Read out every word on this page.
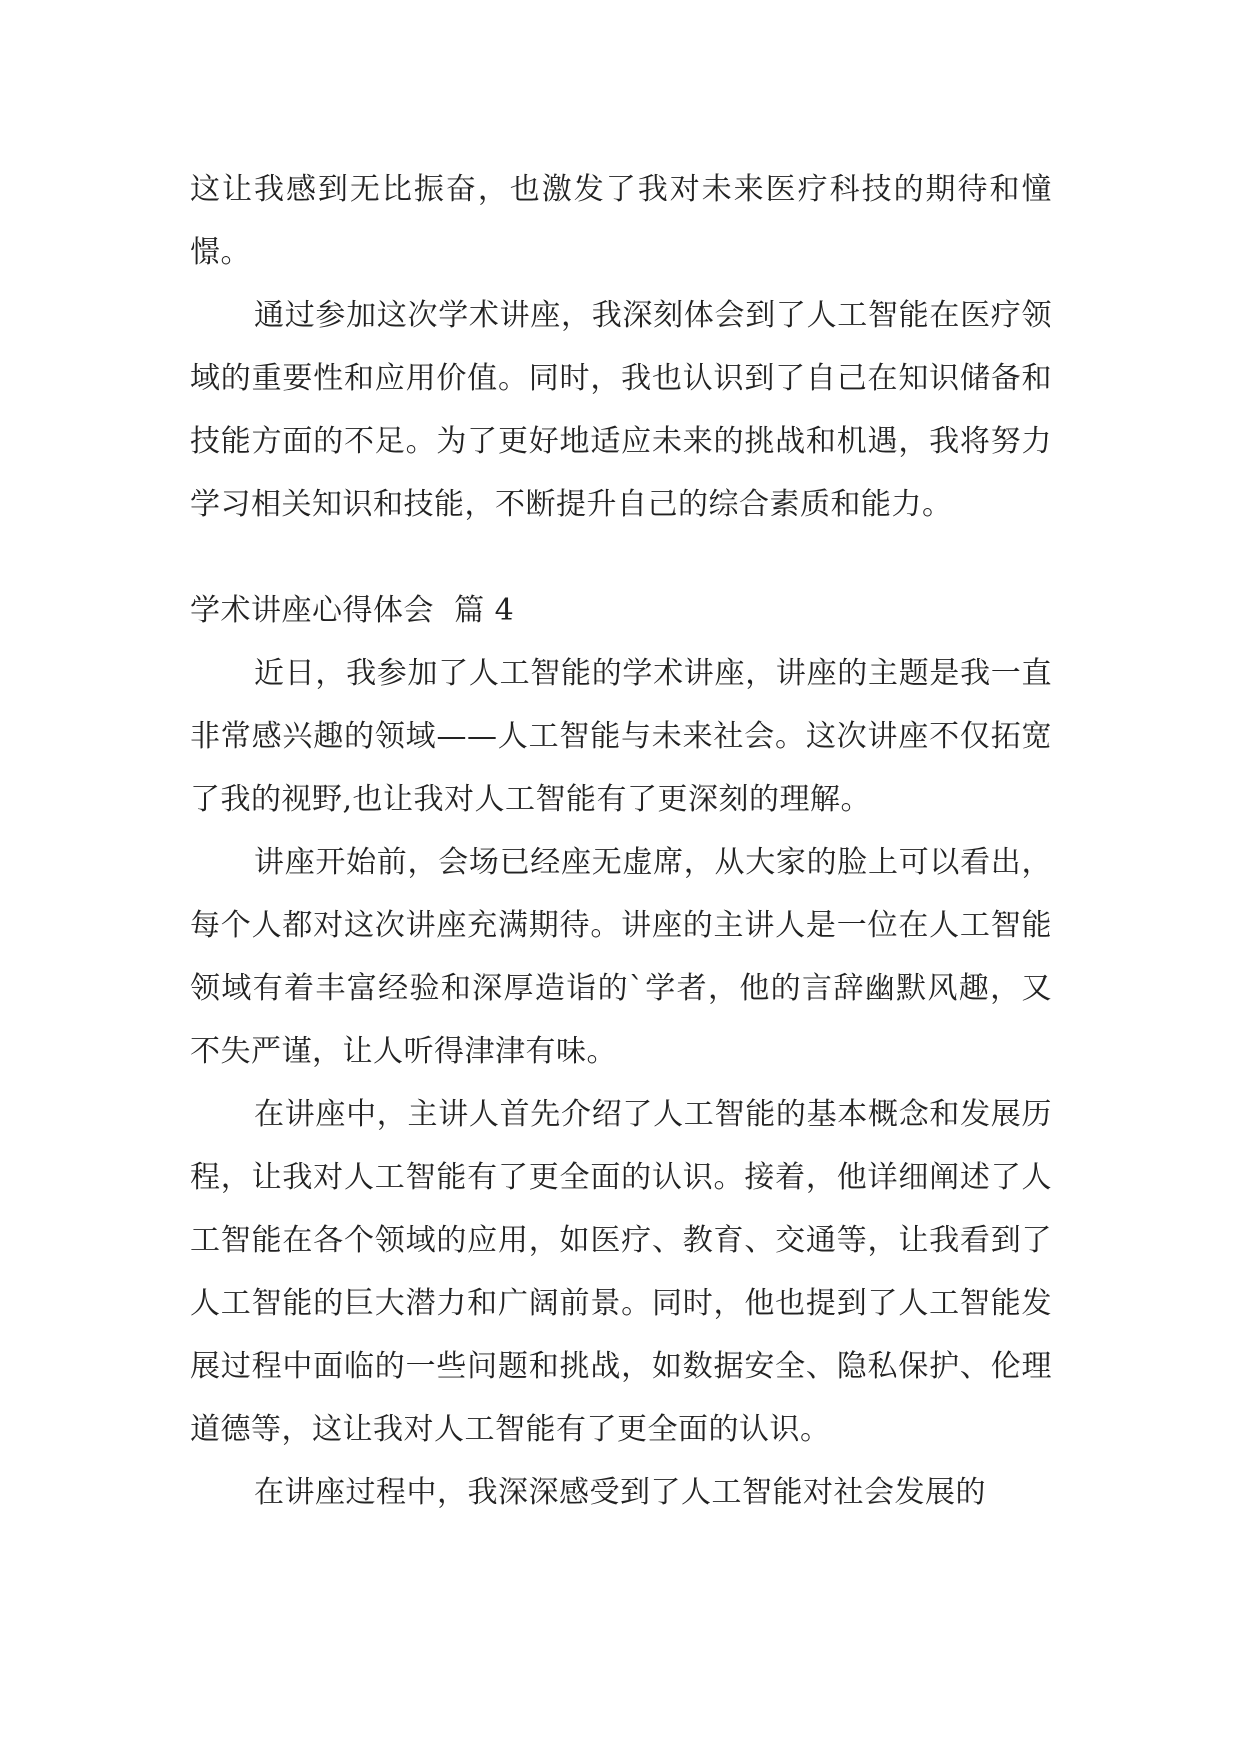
这让我感到无比振奋，也激发了我对未来医疗科技的期待和憧憬。

通过参加这次学术讲座，我深刻体会到了人工智能在医疗领域的重要性和应用价值。同时，我也认识到了自己在知识储备和技能方面的不足。为了更好地适应未来的挑战和机遇，我将努力学习相关知识和技能，不断提升自己的综合素质和能力。

学术讲座心得体会  篇 4

近日，我参加了人工智能的学术讲座，讲座的主题是我一直非常感兴趣的领域——人工智能与未来社会。这次讲座不仅拓宽了我的视野,也让我对人工智能有了更深刻的理解。

讲座开始前，会场已经座无虚席，从大家的脸上可以看出，每个人都对这次讲座充满期待。讲座的主讲人是一位在人工智能领域有着丰富经验和深厚造诣的`学者，他的言辞幽默风趣，又不失严谨，让人听得津津有味。

在讲座中，主讲人首先介绍了人工智能的基本概念和发展历程，让我对人工智能有了更全面的认识。接着，他详细阐述了人工智能在各个领域的应用，如医疗、教育、交通等，让我看到了人工智能的巨大潜力和广阔前景。同时，他也提到了人工智能发展过程中面临的一些问题和挑战，如数据安全、隐私保护、伦理道德等，这让我对人工智能有了更全面的认识。

在讲座过程中，我深深感受到了人工智能对社会发展的
